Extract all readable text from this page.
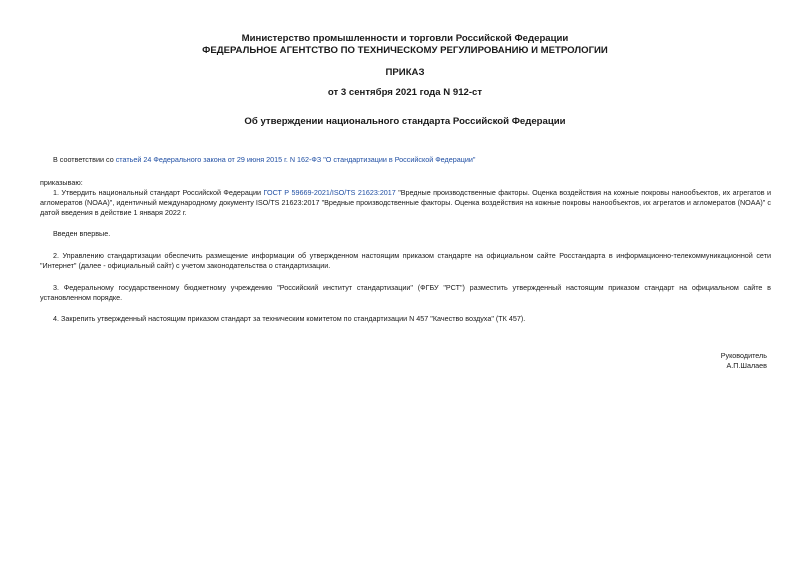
Министерство промышленности и торговли Российской Федерации
ФЕДЕРАЛЬНОЕ АГЕНТСТВО ПО ТЕХНИЧЕСКОМУ РЕГУЛИРОВАНИЮ И МЕТРОЛОГИИ
ПРИКАЗ
от 3 сентября 2021 года N 912-ст
Об утверждении национального стандарта Российской Федерации
В соответствии со статьей 24 Федерального закона от 29 июня 2015 г. N 162-ФЗ "О стандартизации в Российской Федерации"
приказываю:
1. Утвердить национальный стандарт Российской Федерации ГОСТ Р 59669-2021/ISO/TS 21623:2017 "Вредные производственные факторы. Оценка воздействия на кожные покровы нанообъектов, их агрегатов и агломератов (NOAA)", идентичный международному документу ISO/TS 21623:2017 "Вредные производственные факторы. Оценка воздействия на кожные покровы нанообъектов, их агрегатов и агломератов (NOAA)" с датой введения в действие 1 января 2022 г.
Введен впервые.
2. Управлению стандартизации обеспечить размещение информации об утвержденном настоящим приказом стандарте на официальном сайте Росстандарта в информационно-телекоммуникационной сети "Интернет" (далее - официальный сайт) с учетом законодательства о стандартизации.
3. Федеральному государственному бюджетному учреждению "Российский институт стандартизации" (ФГБУ "РСТ") разместить утвержденный настоящим приказом стандарт на официальном сайте в установленном порядке.
4. Закрепить утвержденный настоящим приказом стандарт за техническим комитетом по стандартизации N 457 "Качество воздуха" (ТК 457).
Руководитель
А.П.Шалаев
